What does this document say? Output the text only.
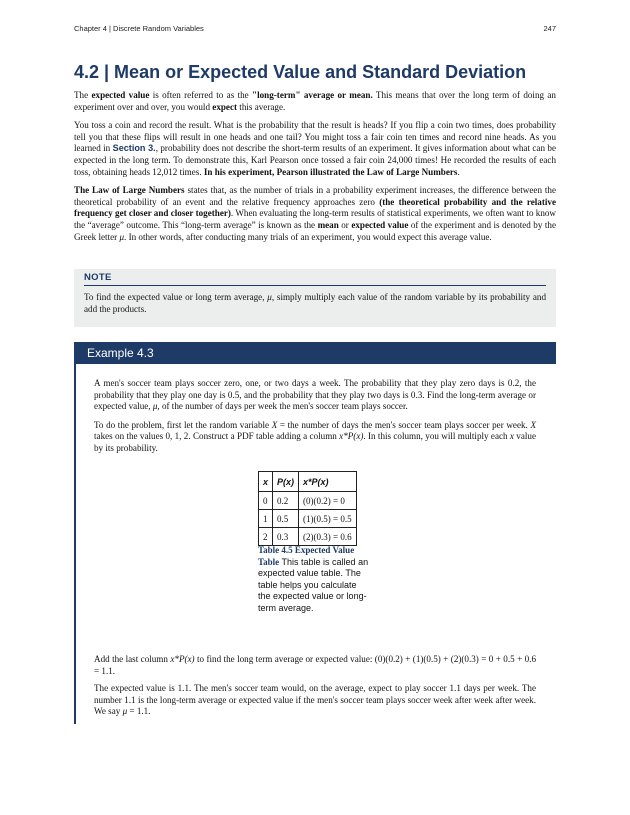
Chapter 4 | Discrete Random Variables	247
4.2 | Mean or Expected Value and Standard Deviation

The expected value is often referred to as the "long-term" average or mean. This means that over the long term of doing an experiment over and over, you would expect this average.

You toss a coin and record the result. What is the probability that the result is heads? If you flip a coin two times, does probability tell you that these flips will result in one heads and one tail? You might toss a fair coin ten times and record nine heads. As you learned in Section 3., probability does not describe the short-term results of an experiment. It gives information about what can be expected in the long term. To demonstrate this, Karl Pearson once tossed a fair coin 24,000 times! He recorded the results of each toss, obtaining heads 12,012 times. In his experiment, Pearson illustrated the Law of Large Numbers.

The Law of Large Numbers states that, as the number of trials in a probability experiment increases, the difference between the theoretical probability of an event and the relative frequency approaches zero (the theoretical probability and the relative frequency get closer and closer together). When evaluating the long-term results of statistical experiments, we often want to know the “average” outcome. This “long-term average” is known as the mean or expected value of the experiment and is denoted by the Greek letter μ. In other words, after conducting many trials of an experiment, you would expect this average value.

NOTE
To find the expected value or long term average, μ, simply multiply each value of the random variable by its probability and add the products.
Example 4.3

A men's soccer team plays soccer zero, one, or two days a week. The probability that they play zero days is 0.2, the probability that they play one day is 0.5, and the probability that they play two days is 0.3. Find the long-term average or expected value, μ, of the number of days per week the men's soccer team plays soccer.

To do the problem, first let the random variable X = the number of days the men's soccer team plays soccer per week. X takes on the values 0, 1, 2. Construct a PDF table adding a column x*P(x). In this column, you will multiply each x value by its probability.

x	P(x)	x*P(x)
0	0.2	(0)(0.2) = 0
1	0.5	(1)(0.5) = 0.5
2	0.3	(2)(0.3) = 0.6
Table 4.5 Expected Value Table This table is called an expected value table. The table helps you calculate the expected value or long-term average.

Add the last column x*P(x) to find the long term average or expected value: (0)(0.2) + (1)(0.5) + (2)(0.3) = 0 + 0.5 + 0.6 = 1.1.

The expected value is 1.1. The men's soccer team would, on the average, expect to play soccer 1.1 days per week. The number 1.1 is the long-term average or expected value if the men's soccer team plays soccer week after week after week. We say μ = 1.1.
